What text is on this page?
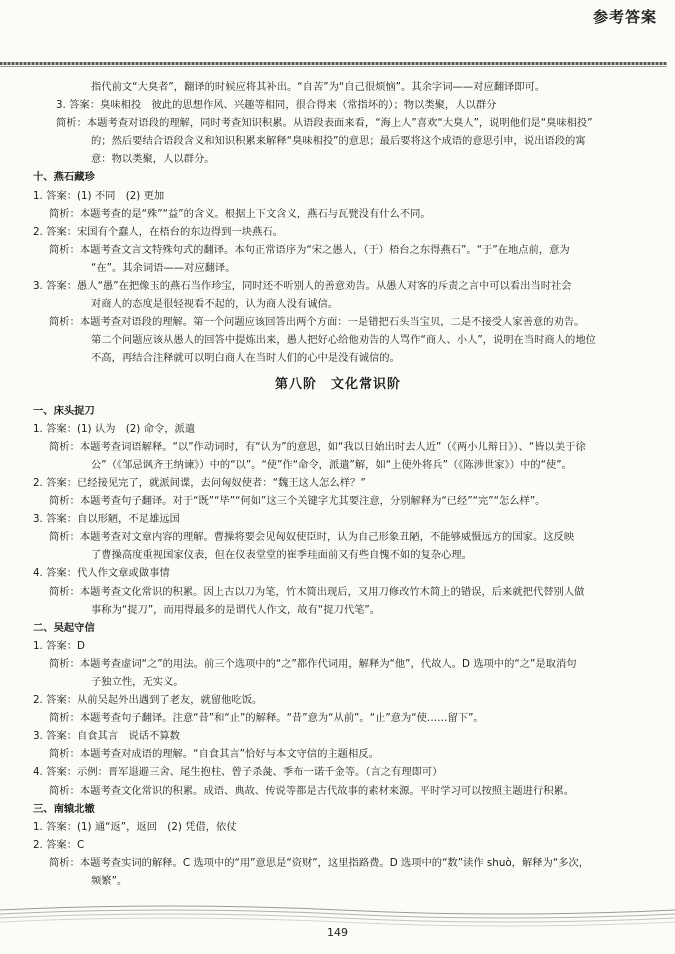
参考答案
指代前文“大臭者”，翻译的时候应将其补出。“自苦”为“自己很烦恼”。其余字词——对应翻译即可。
3. 答案：臭味相投　彼此的思想作风、兴趣等相同，很合得来（常指坏的）；物以类聚，人以群分
简析：本题考查对语段的理解，同时考查知识积累。从语段表面来看，“海上人”喜欢“大臭人”，说明他们是“臭味相投”
的；然后要结合语段含义和知识积累来解释“臭味相投”的意思；最后要将这个成语的意思引申，说出语段的寓
意：物以类聚，人以群分。
十、燕石藏珍
1. 答案：(1) 不同　(2) 更加
简析：本题考查的是“殊”“益”的含义。根据上下文含义，燕石与瓦甓没有什么不同。
2. 答案：宋国有个蠢人，在梧台的东边得到一块燕石。
简析：本题考查文言文特殊句式的翻译。本句正常语序为“宋之愚人，（于）梧台之东得燕石”。“于”在地点前，意为
“在”。其余词语——对应翻译。
3. 答案：愚人“愚”在把像玉的燕石当作珍宝，同时还不听别人的善意劝告。从愚人对客的斥责之言中可以看出当时社会
对商人的态度是很轻视看不起的，认为商人没有诚信。
简析：本题考查对语段的理解。第一个问题应该回答出两个方面：一是错把石头当宝贝，二是不接受人家善意的劝告。
第二个问题应该从愚人的回答中提炼出来，愚人把好心给他劝告的人骂作“商人、小人”，说明在当时商人的地位
不高，再结合注释就可以明白商人在当时人们的心中是没有诚信的。
第八阶　文化常识阶
一、床头捉刀
1. 答案：(1) 认为　(2) 命令，派遣
简析：本题考查词语解释。“以”作动词时，有“认为”的意思，如“我以日始出时去人近”（《两小儿辩日》）、“皆以美于徐
公”（《邹忌讽齐王纳谏》）中的“以”。“使”作“命令，派遣”解，如“上使外将兵”（《陈涉世家》）中的“使”。
2. 答案：已经接见完了，就派间谍，去问匈奴使者：“魏王这人怎么样？”
简析：本题考查句子翻译。对于“既”“毕”“何如”这三个关键字尤其要注意，分别解释为“已经”“完”“怎么样”。
3. 答案：自以形陋，不足雄远国
简析：本题考查对文章内容的理解。曹操将要会见匈奴使臣时，认为自己形象丑陋，不能够威慑远方的国家。这反映
了曹操高度重视国家仪表，但在仪表堂堂的崔季珪面前又有些自愧不如的复杂心理。
4. 答案：代人作文章或做事情
简析：本题考查文化常识的积累。因上古以刀为笔，竹木简出现后，又用刀修改竹木简上的错误，后来就把代替别人做
事称为“捉刀”，而用得最多的是谓代人作文，故有“捉刀代笔”。
二、吴起守信
1. 答案：D
简析：本题考查虚词“之”的用法。前三个选项中的“之”都作代词用，解释为“他”，代故人。D 选项中的“之”是取消句
子独立性，无实义。
2. 答案：从前吴起外出遇到了老友，就留他吃饭。
简析：本题考查句子翻译。注意“昔”和“止”的解释。“昔”意为“从前”。“止”意为“使……留下”。
3. 答案：自食其言　说话不算数
简析：本题考查对成语的理解。“自食其言”恰好与本文守信的主题相反。
4. 答案：示例：晋军退避三舍、尾生抱柱、曾子杀彘、季布一诺千金等。（言之有理即可）
简析：本题考查文化常识的积累。成语、典故、传说等都是古代故事的素材来源。平时学习可以按照主题进行积累。
三、南辕北辙
1. 答案：(1) 通“返”，返回　(2) 凭借，依仗
2. 答案：C
简析：本题考查实词的解释。C 选项中的“用”意思是“资财”，这里指路费。D 选项中的“数”读作 shuò，解释为“多次，
频繁”。
149
